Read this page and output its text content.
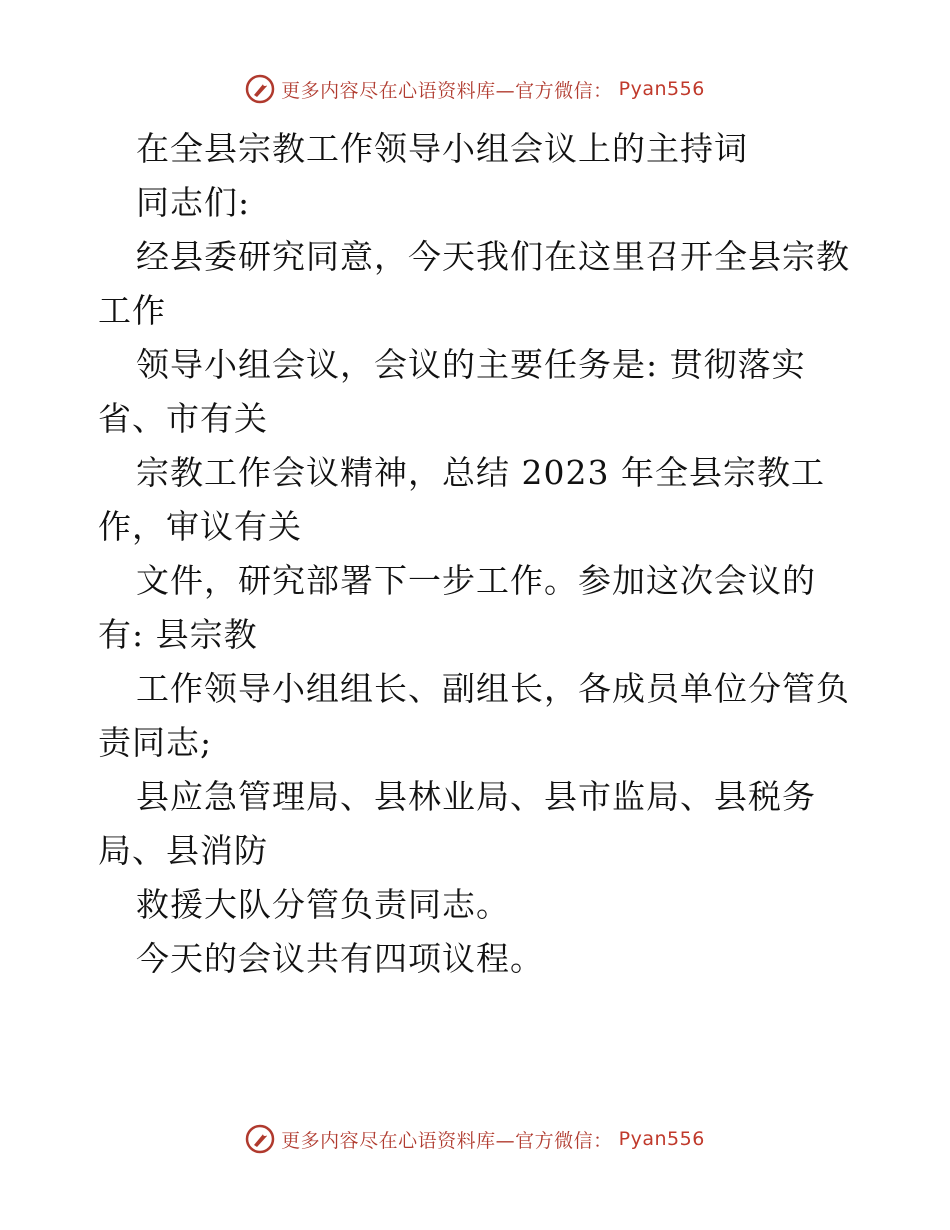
更多内容尽在心语资料库—官方微信： Pyan556
在全县宗教工作领导小组会议上的主持词
同志们:
经县委研究同意，今天我们在这里召开全县宗教
工作
领导小组会议，会议的主要任务是: 贯彻落实
省、市有关
宗教工作会议精神，总结 2023 年全县宗教工
作，审议有关
文件，研究部署下一步工作。参加这次会议的
有: 县宗教
工作领导小组组长、副组长，各成员单位分管负
责同志;
县应急管理局、县林业局、县市监局、县税务
局、县消防
救援大队分管负责同志。
今天的会议共有四项议程。
更多内容尽在心语资料库—官方微信： Pyan556
